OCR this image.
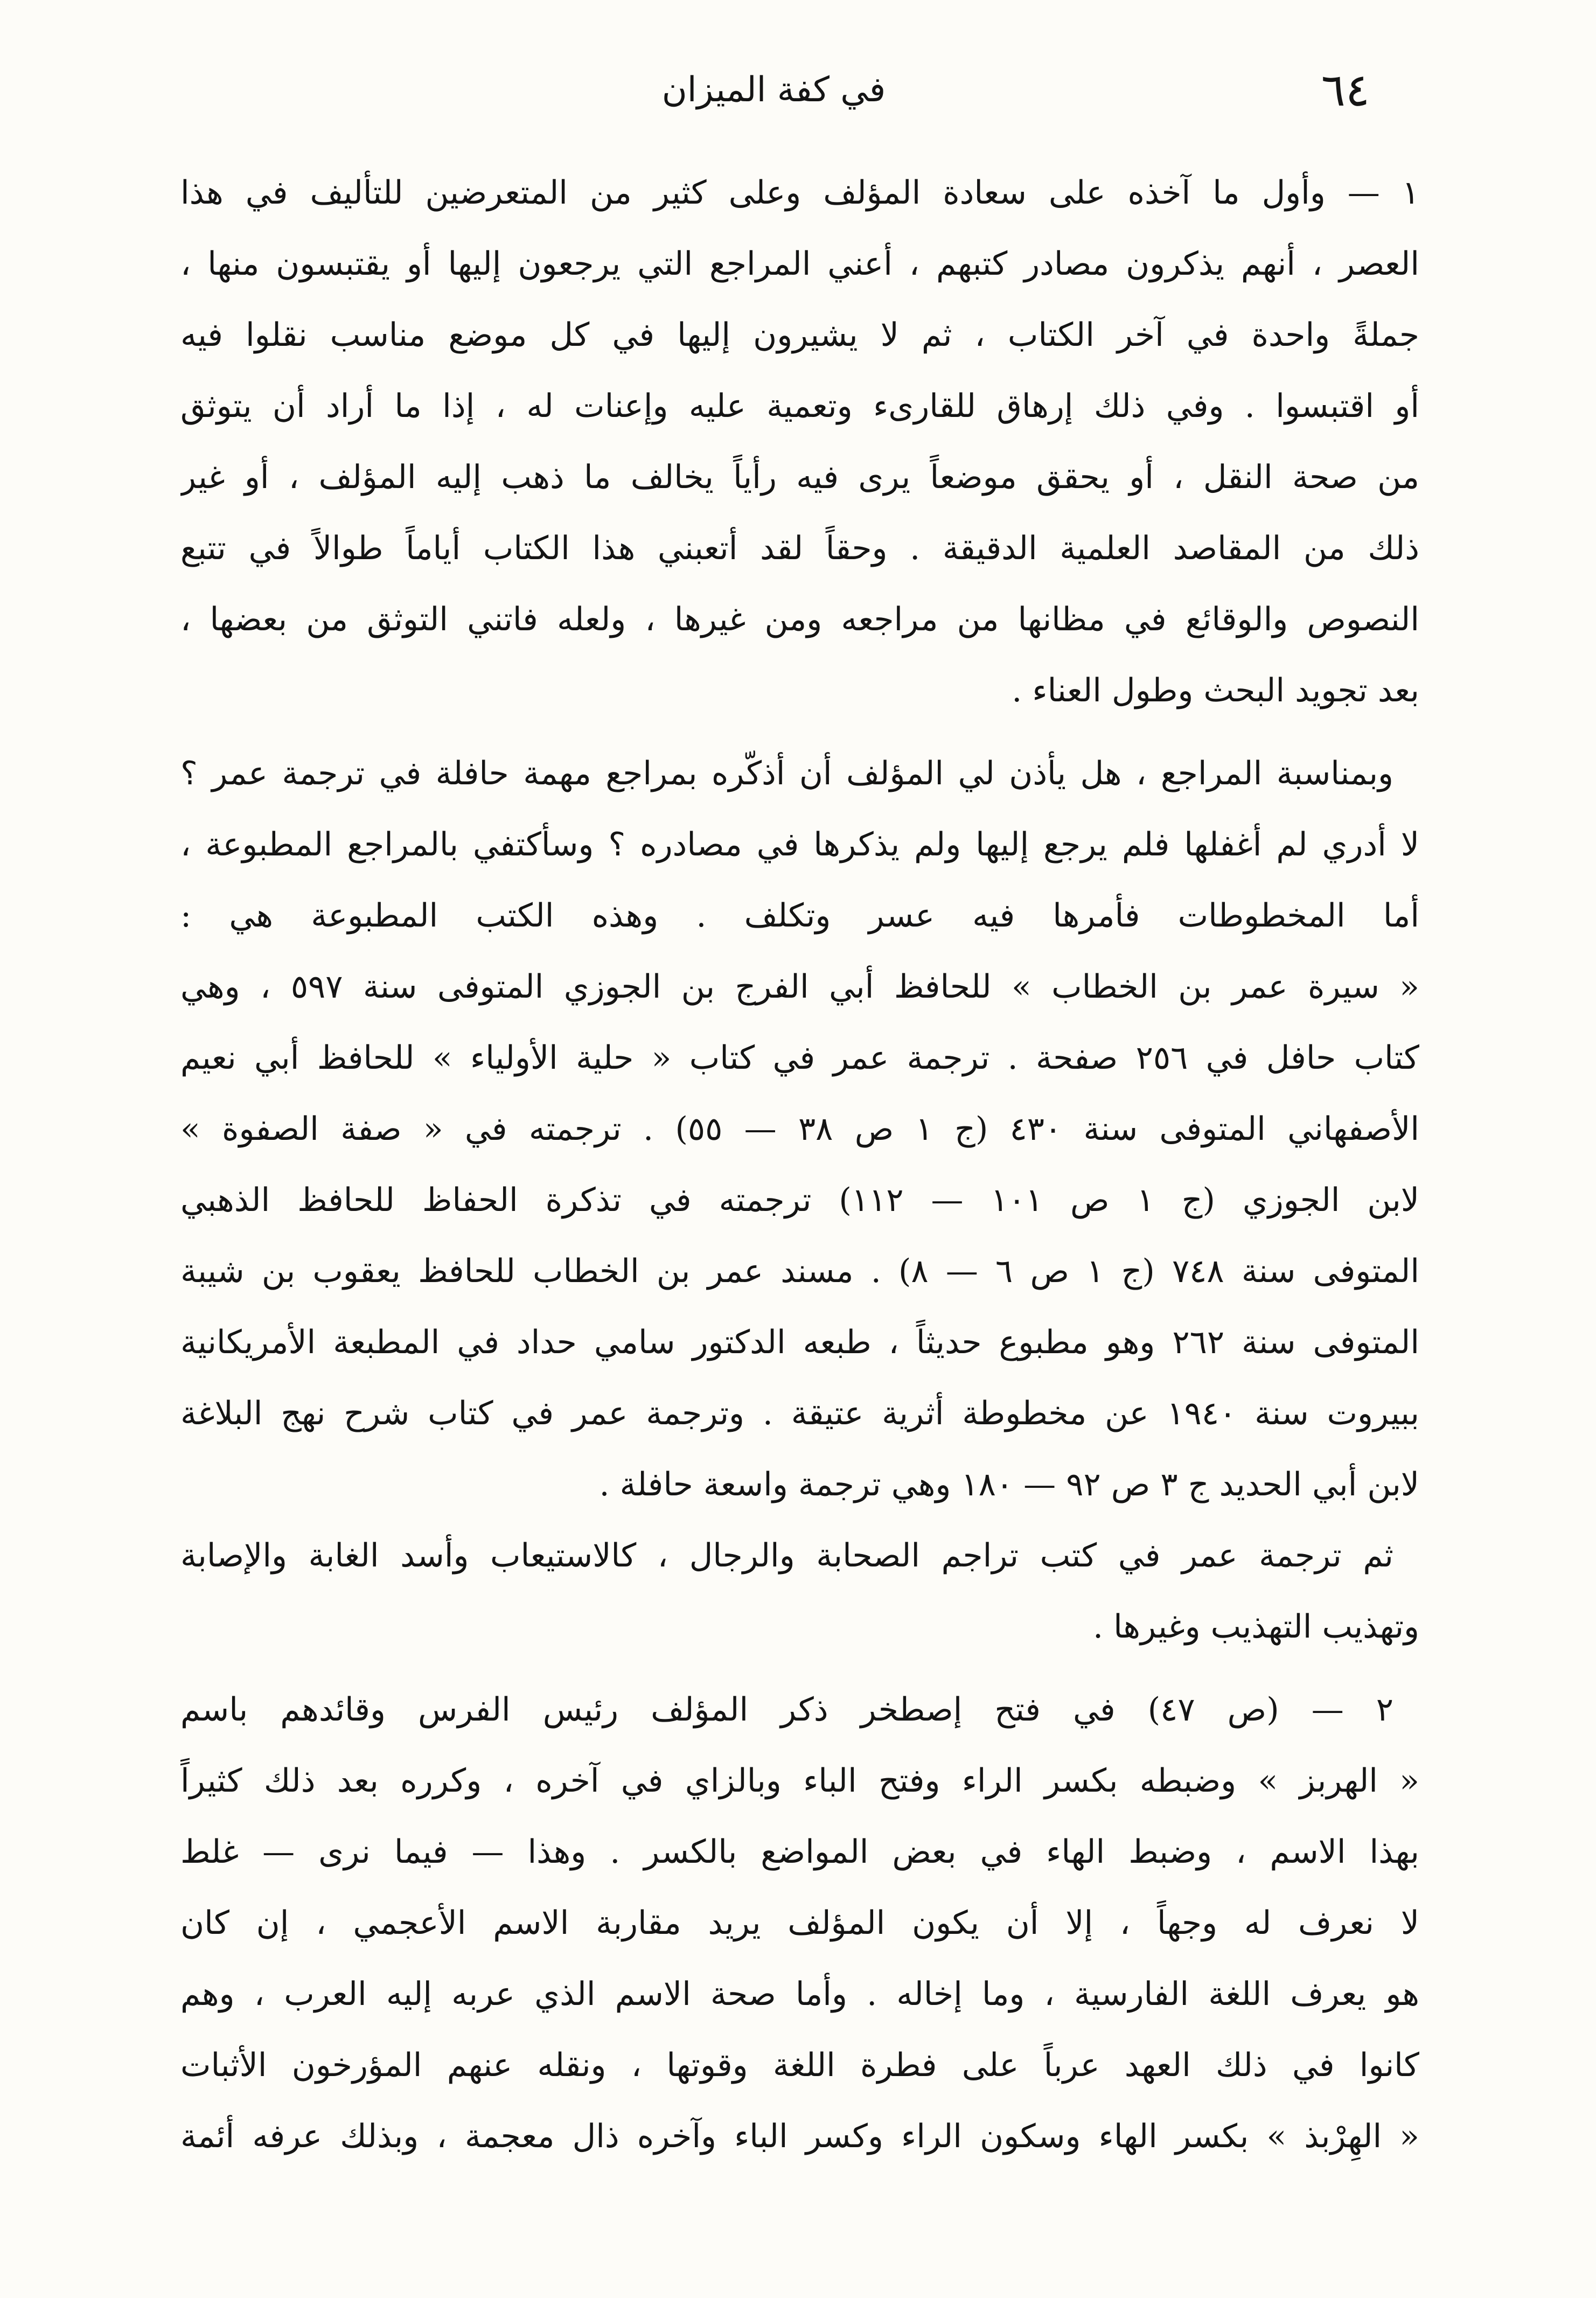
٦٤
في كفة الميزان
١ — وأول ما آخذه على سعادة المؤلف وعلى كثير من المتعرضين للتأليف في هذا
العصر ، أنهم يذكرون مصادر كتبهم ، أعني المراجع التي يرجعون إليها أو يقتبسون منها ،
جملةً واحدة في آخر الكتاب ، ثم لا يشيرون إليها في كل موضع مناسب نقلوا فيه
أو اقتبسوا . وفي ذلك إرهاق للقارىء وتعمية عليه وإعنات له ، إذا ما أراد أن يتوثق
من صحة النقل ، أو يحقق موضعاً يرى فيه رأياً يخالف ما ذهب إليه المؤلف ، أو غير
ذلك من المقاصد العلمية الدقيقة . وحقاً لقد أتعبني هذا الكتاب أياماً طوالاً في تتبع
النصوص والوقائع في مظانها من مراجعه ومن غيرها ، ولعله فاتني التوثق من بعضها ،
بعد تجويد البحث وطول العناء .
وبمناسبة المراجع ، هل يأذن لي المؤلف أن أذكّره بمراجع مهمة حافلة في ترجمة عمر ؟
لا أدري لم أغفلها فلم يرجع إليها ولم يذكرها في مصادره ؟ وسأكتفي بالمراجع المطبوعة ،
أما المخطوطات فأمرها فيه عسر وتكلف . وهذه الكتب المطبوعة هي :
« سيرة عمر بن الخطاب » للحافظ أبي الفرج بن الجوزي المتوفى سنة ٥٩٧ ، وهي
كتاب حافل في ٢٥٦ صفحة . ترجمة عمر في كتاب « حلية الأولياء » للحافظ أبي نعيم
الأصفهاني المتوفى سنة ٤٣٠ (ج ١ ص ٣٨ — ٥٥) . ترجمته في « صفة الصفوة »
لابن الجوزي (ج ١ ص ١٠١ — ١١٢) ترجمته في تذكرة الحفاظ للحافظ الذهبي
المتوفى سنة ٧٤٨ (ج ١ ص ٦ — ٨) . مسند عمر بن الخطاب للحافظ يعقوب بن شيبة
المتوفى سنة ٢٦٢ وهو مطبوع حديثاً ، طبعه الدكتور سامي حداد في المطبعة الأمريكانية
ببيروت سنة ١٩٤٠ عن مخطوطة أثرية عتيقة . وترجمة عمر في كتاب شرح نهج البلاغة
لابن أبي الحديد ج ٣ ص ٩٢ — ١٨٠ وهي ترجمة واسعة حافلة .
ثم ترجمة عمر في كتب تراجم الصحابة والرجال ، كالاستيعاب وأسد الغابة والإصابة
وتهذيب التهذيب وغيرها .
٢ — (ص ٤٧) في فتح إصطخر ذكر المؤلف رئيس الفرس وقائدهم باسم
« الهربز » وضبطه بكسر الراء وفتح الباء وبالزاي في آخره ، وكرره بعد ذلك كثيراً
بهذا الاسم ، وضبط الهاء في بعض المواضع بالكسر . وهذا — فيما نرى — غلط
لا نعرف له وجهاً ، إلا أن يكون المؤلف يريد مقاربة الاسم الأعجمي ، إن كان
هو يعرف اللغة الفارسية ، وما إخاله . وأما صحة الاسم الذي عربه إليه العرب ، وهم
كانوا في ذلك العهد عرباً على فطرة اللغة وقوتها ، ونقله عنهم المؤرخون الأثبات
« الهِرْبذ » بكسر الهاء وسكون الراء وكسر الباء وآخره ذال معجمة ، وبذلك عرفه أئمة
